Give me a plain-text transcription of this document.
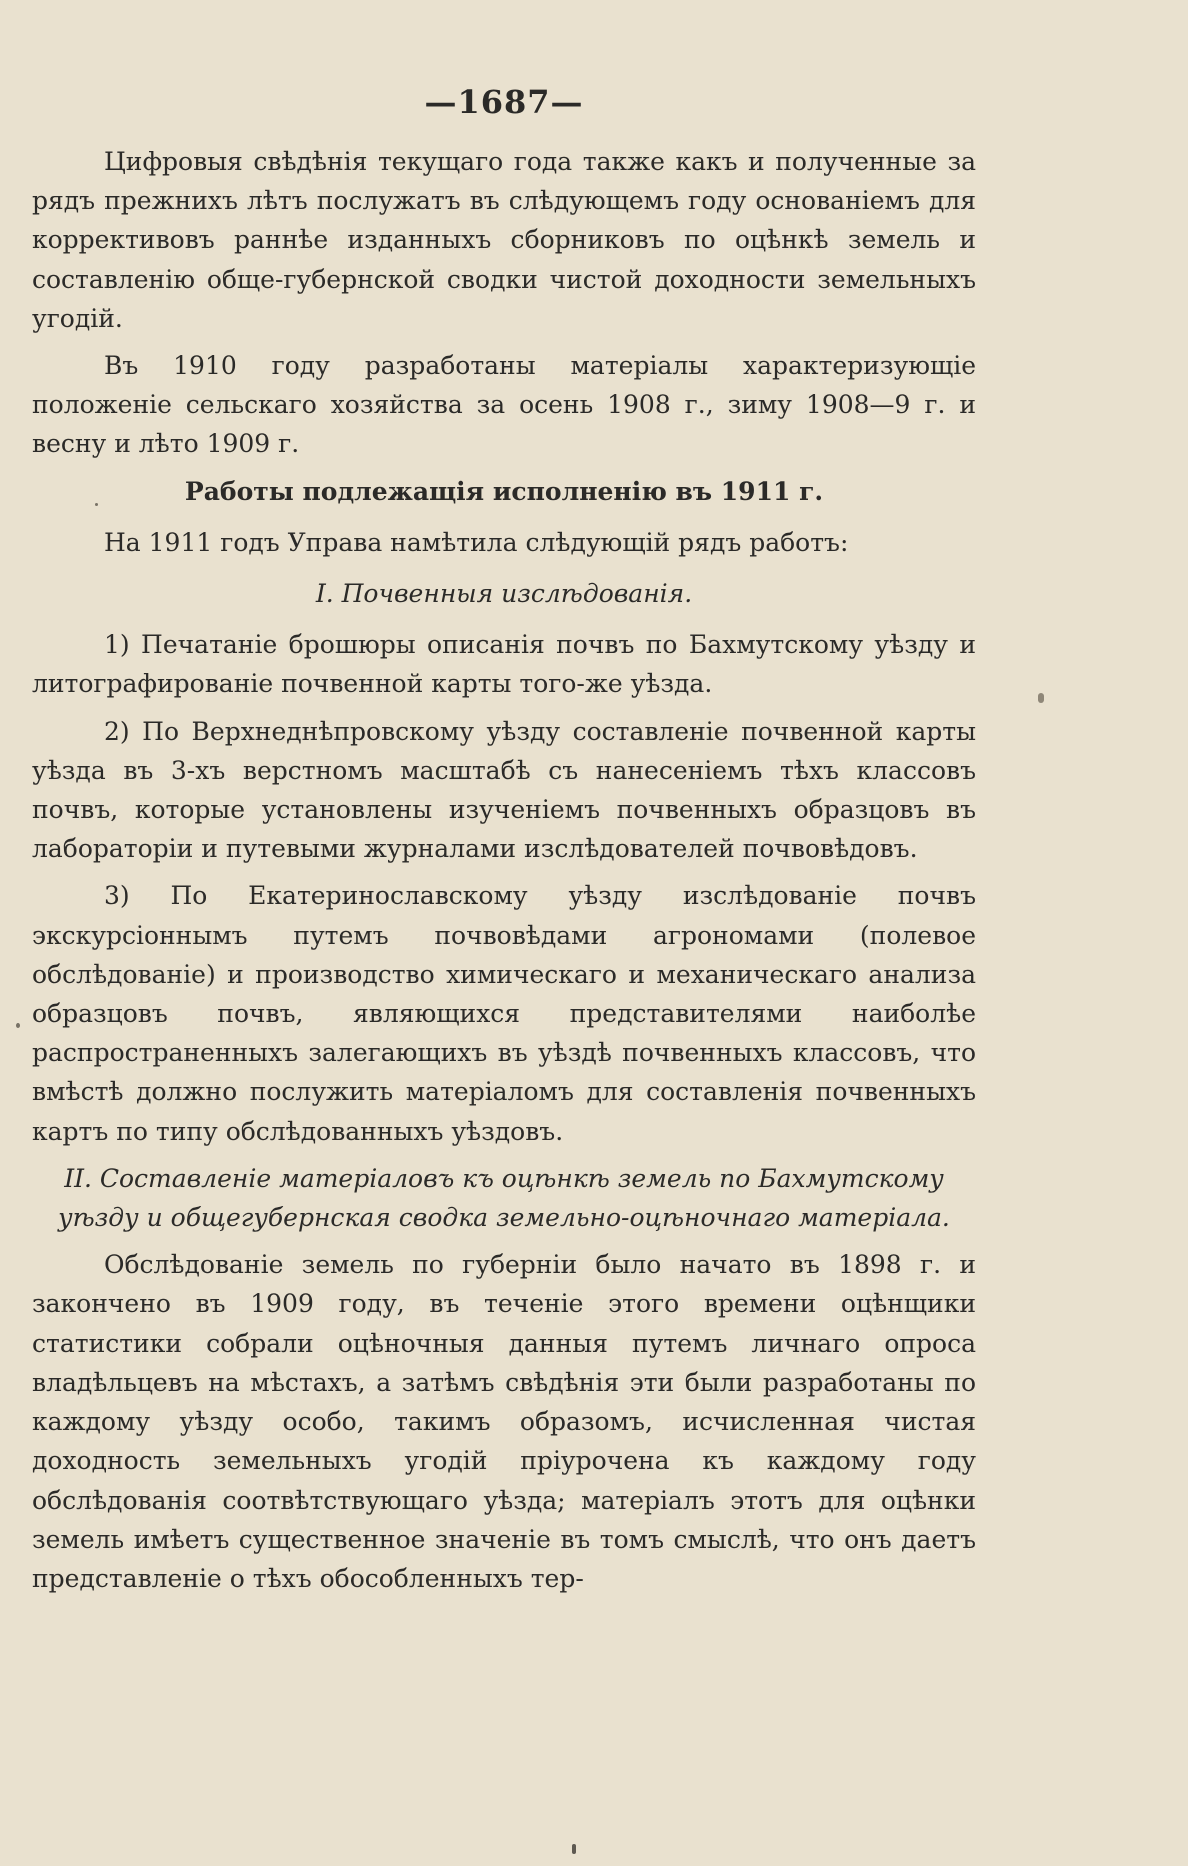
—1687—

Цифровыя свѣдѣнія текущаго года также какъ и полученные за рядъ прежнихъ лѣтъ послужатъ въ слѣдующемъ году основаніемъ для коррективовъ раннѣе изданныхъ сборниковъ по оцѣнкѣ земель и составленію обще-губернской сводки чистой доходности земельныхъ угодій.

Въ 1910 году разработаны матеріалы характеризующіе положеніе сельскаго хозяйства за осень 1908 г., зиму 1908—9 г. и весну и лѣто 1909 г.

Работы подлежащія исполненію въ 1911 г.

На 1911 годъ Управа намѣтила слѣдующій рядъ работъ:

I. Почвенныя изслѣдованія.

1) Печатаніе брошюры описанія почвъ по Бахмутскому уѣзду и литографированіе почвенной карты того-же уѣзда.

2) По Верхнеднѣпровскому уѣзду составленіе почвенной карты уѣзда въ 3-хъ верстномъ масштабѣ съ нанесеніемъ тѣхъ классовъ почвъ, которые установлены изученіемъ почвенныхъ образцовъ въ лабораторіи и путевыми журналами изслѣдователей почвовѣдовъ.

3) По Екатеринославскому уѣзду изслѣдованіе почвъ экскурсіоннымъ путемъ почвовѣдами агрономами (полевое обслѣдованіе) и производство химическаго и механическаго анализа образцовъ почвъ, являющихся представителями наиболѣе распространенныхъ залегающихъ въ уѣздѣ почвенныхъ классовъ, что вмѣстѣ должно послужить матеріаломъ для составленія почвенныхъ картъ по типу обслѣдованныхъ уѣздовъ.

II. Составленіе матеріаловъ къ оцѣнкѣ земель по Бахмутскому уѣзду и общегубернская сводка земельно-оцѣночнаго матеріала.

Обслѣдованіе земель по губерніи было начато въ 1898 г. и закончено въ 1909 году, въ теченіе этого времени оцѣнщики статистики собрали оцѣночныя данныя путемъ личнаго опроса владѣльцевъ на мѣстахъ, а затѣмъ свѣдѣнія эти были разработаны по каждому уѣзду особо, такимъ образомъ, исчисленная чистая доходность земельныхъ угодій пріурочена къ каждому году обслѣдованія соотвѣтствующаго уѣзда; матеріалъ этотъ для оцѣнки земель имѣетъ существенное значеніе въ томъ смыслѣ, что онъ даетъ представленіе о тѣхъ обособленныхъ тер-
